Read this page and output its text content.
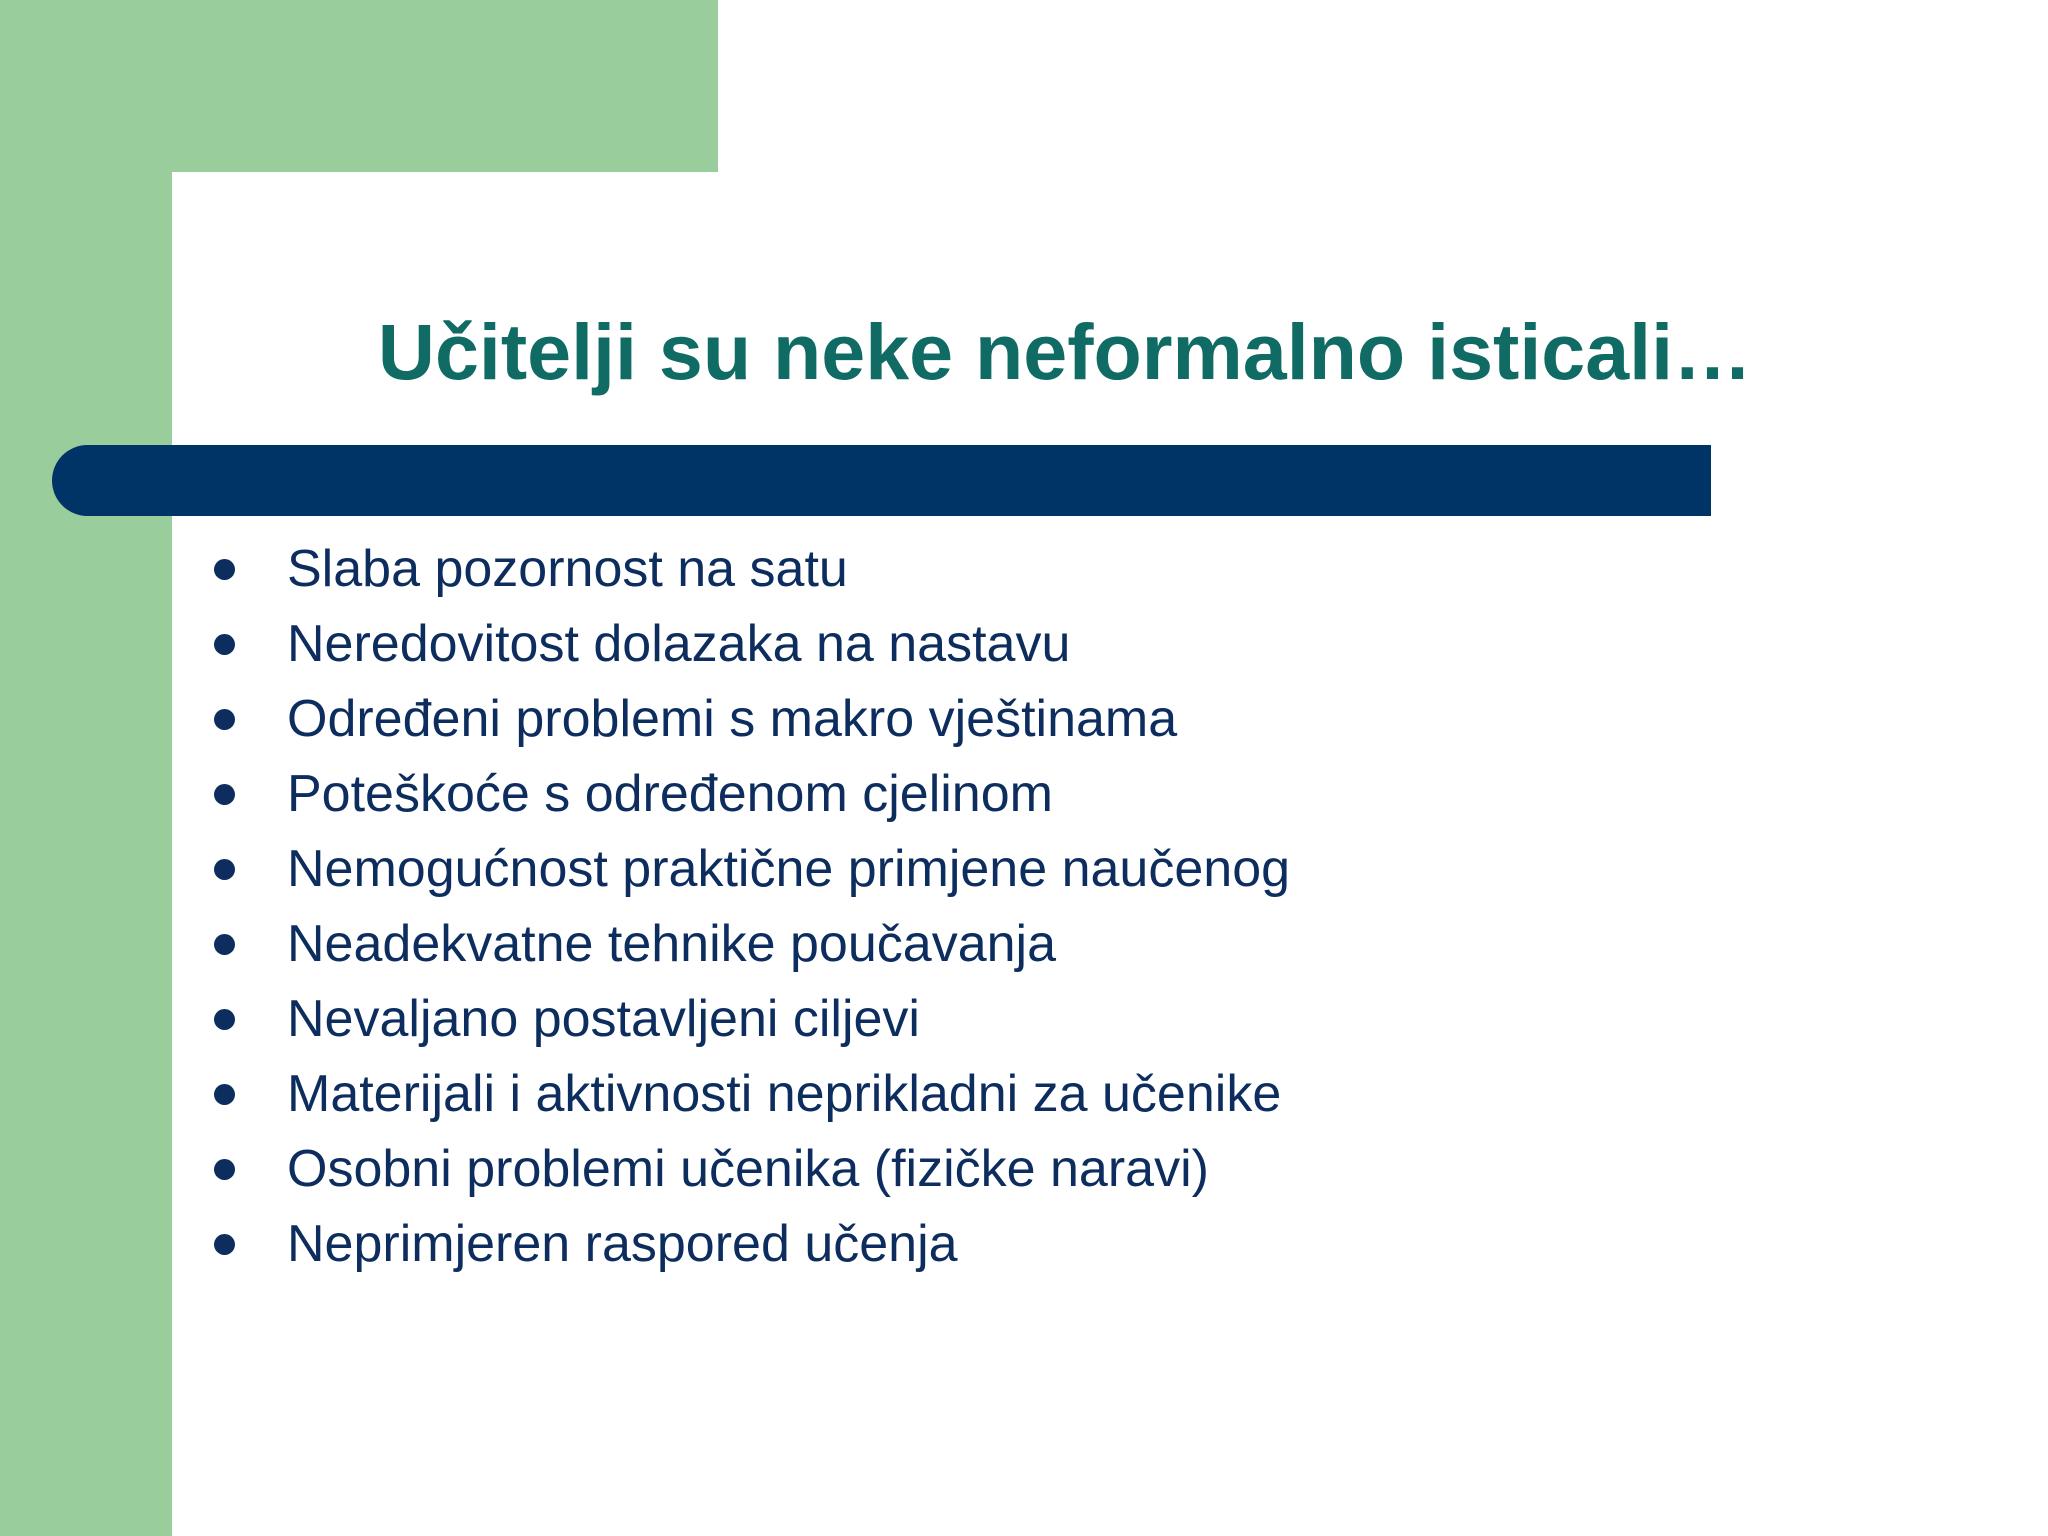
Učitelji su neke neformalno isticali…
Slaba pozornost na satu
Neredovitost dolazaka na nastavu
Određeni problemi s makro vještinama
Poteškoće s određenom cjelinom
Nemogućnost praktične primjene naučenog
Neadekvatne tehnike poučavanja
Nevaljano postavljeni ciljevi
Materijali i aktivnosti neprikladni za učenike
Osobni problemi učenika (fizičke naravi)
Neprimjeren raspored učenja
